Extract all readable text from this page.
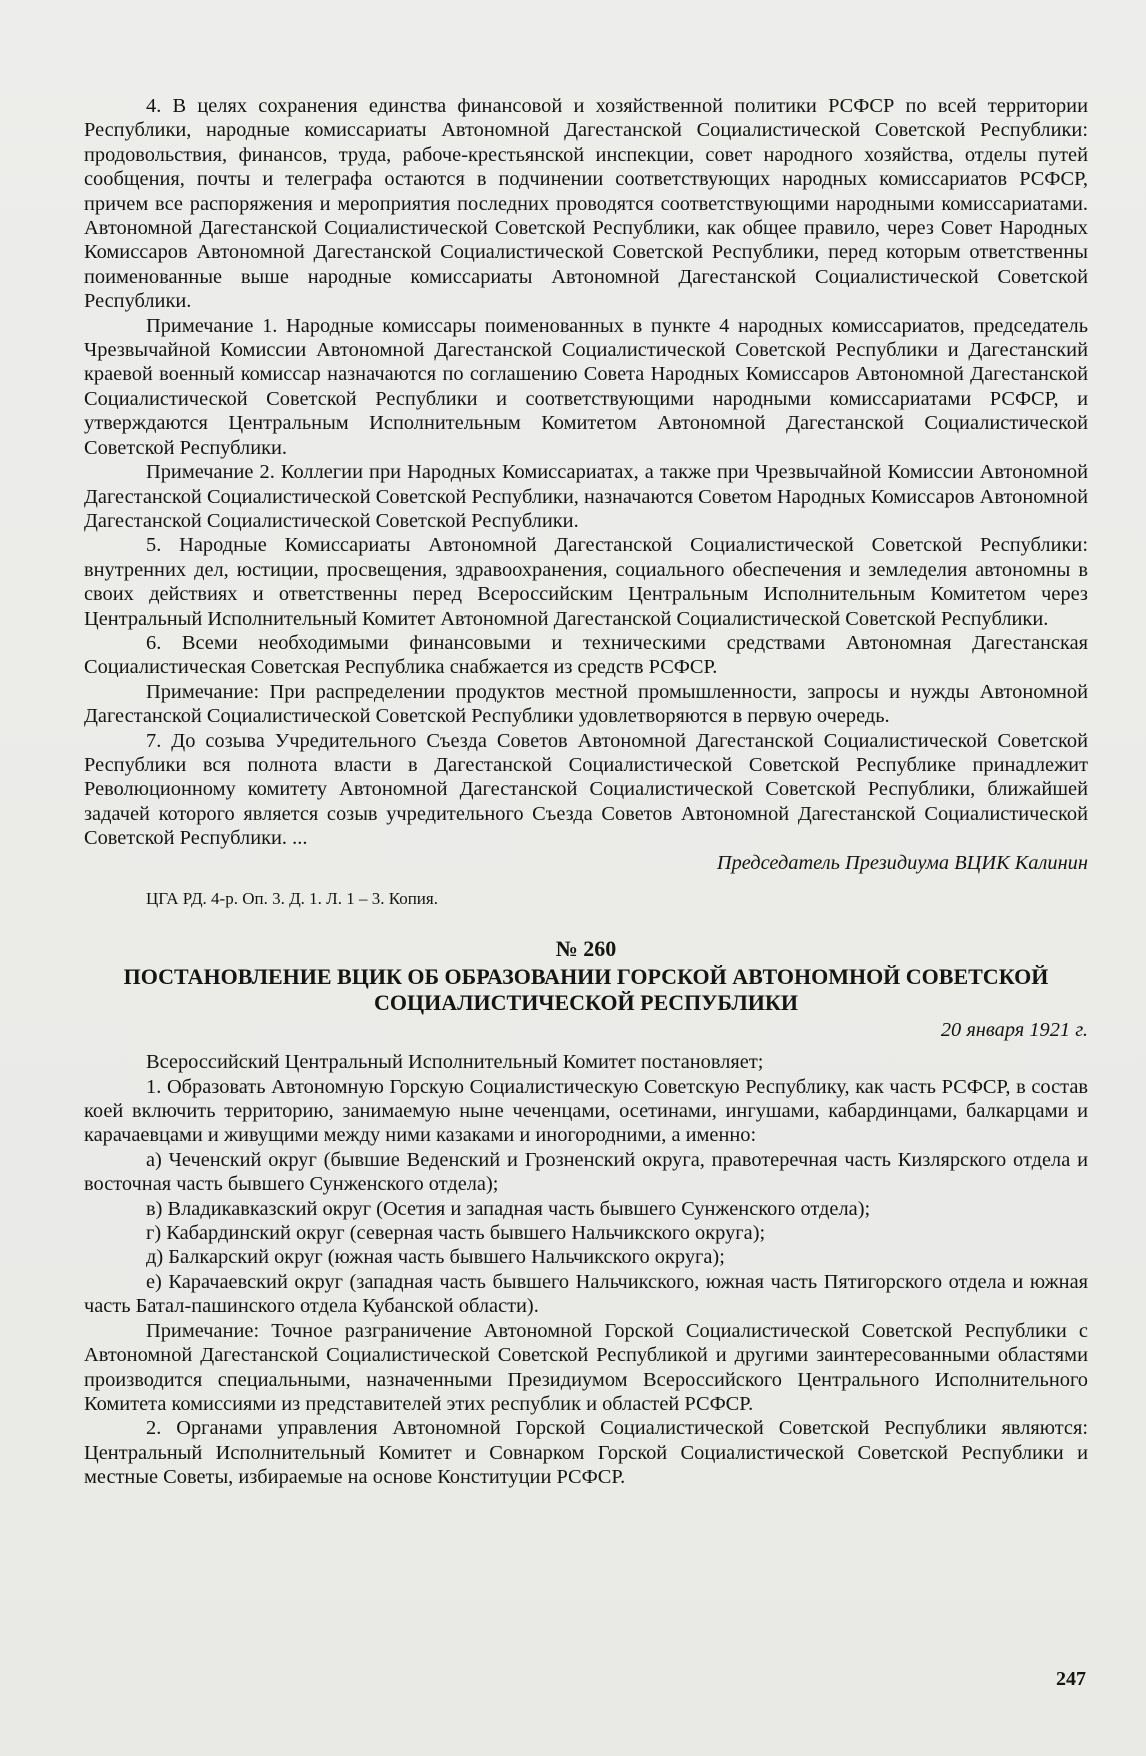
4. В целях сохранения единства финансовой и хозяйственной политики РСФСР по всей территории Республики, народные комиссариаты Автономной Дагестанской Социалистической Советской Республики: продовольствия, финансов, труда, рабоче-крестьянской инспекции, совет народного хозяйства, отделы путей сообщения, почты и телеграфа остаются в подчинении соответствующих народных комиссариатов РСФСР, причем все распоряжения и мероприятия последних проводятся соответствующими народными комиссариатами. Автономной Дагестанской Социалистической Советской Республики, как общее правило, через Совет Народных Комиссаров Автономной Дагестанской Социалистической Советской Республики, перед которым ответственны поименованные выше народные комиссариаты Автономной Дагестанской Социалистической Советской Республики.

Примечание 1. Народные комиссары поименованных в пункте 4 народных комиссариатов, председатель Чрезвычайной Комиссии Автономной Дагестанской Социалистической Советской Республики и Дагестанский краевой военный комиссар назначаются по соглашению Совета Народных Комиссаров Автономной Дагестанской Социалистической Советской Республики и соответствующими народными комиссариатами РСФСР, и утверждаются Центральным Исполнительным Комитетом Автономной Дагестанской Социалистической Советской Республики.

Примечание 2. Коллегии при Народных Комиссариатах, а также при Чрезвычайной Комиссии Автономной Дагестанской Социалистической Советской Республики, назначаются Советом Народных Комиссаров Автономной Дагестанской Социалистической Советской Республики.

5. Народные Комиссариаты Автономной Дагестанской Социалистической Советской Республики: внутренних дел, юстиции, просвещения, здравоохранения, социального обеспечения и земледелия автономны в своих действиях и ответственны перед Всероссийским Центральным Исполнительным Комитетом через Центральный Исполнительный Комитет Автономной Дагестанской Социалистической Советской Республики.

6. Всеми необходимыми финансовыми и техническими средствами Автономная Дагестанская Социалистическая Советская Республика снабжается из средств РСФСР.

Примечание: При распределении продуктов местной промышленности, запросы и нужды Автономной Дагестанской Социалистической Советской Республики удовлетворяются в первую очередь.

7. До созыва Учредительного Съезда Советов Автономной Дагестанской Социалистической Советской Республики вся полнота власти в Дагестанской Социалистической Советской Республике принадлежит Революционному комитету Автономной Дагестанской Социалистической Советской Республики, ближайшей задачей которого является созыв учредительного Съезда Советов Автономной Дагестанской Социалистической Советской Республики. ...

Председатель Президиума ВЦИК Калинин

ЦГА РД. 4-р. Оп. 3. Д. 1. Л. 1 – 3. Копия.
№ 260
ПОСТАНОВЛЕНИЕ ВЦИК ОБ ОБРАЗОВАНИИ ГОРСКОЙ АВТОНОМНОЙ СОВЕТСКОЙ
СОЦИАЛИСТИЧЕСКОЙ РЕСПУБЛИКИ
20 января 1921 г.

Всероссийский Центральный Исполнительный Комитет постановляет;

1. Образовать Автономную Горскую Социалистическую Советскую Республику, как часть РСФСР, в состав коей включить территорию, занимаемую ныне чеченцами, осетинами, ингушами, кабардинцами, балкарцами и карачаевцами и живущими между ними казаками и иногородними, а именно:

а) Чеченский округ (бывшие Веденский и Грозненский округа, правотеречная часть Кизлярского отдела и восточная часть бывшего Сунженского отдела);

в) Владикавказский округ (Осетия и западная часть бывшего Сунженского отдела);

г) Кабардинский округ (северная часть бывшего Нальчикского округа);

д) Балкарский округ (южная часть бывшего Нальчикского округа);

е) Карачаевский округ (западная часть бывшего Нальчикского, южная часть Пятигорского отдела и южная часть Батал-пашинского отдела Кубанской области).

Примечание: Точное разграничение Автономной Горской Социалистической Советской Республики с Автономной Дагестанской Социалистической Советской Республикой и другими заинтересованными областями производится специальными, назначенными Президиумом Всероссийского Центрального Исполнительного Комитета комиссиями из представителей этих республик и областей РСФСР.

2. Органами управления Автономной Горской Социалистической Советской Республики являются: Центральный Исполнительный Комитет и Совнарком Горской Социалистической Советской Республики и местные Советы, избираемые на основе Конституции РСФСР.

247
